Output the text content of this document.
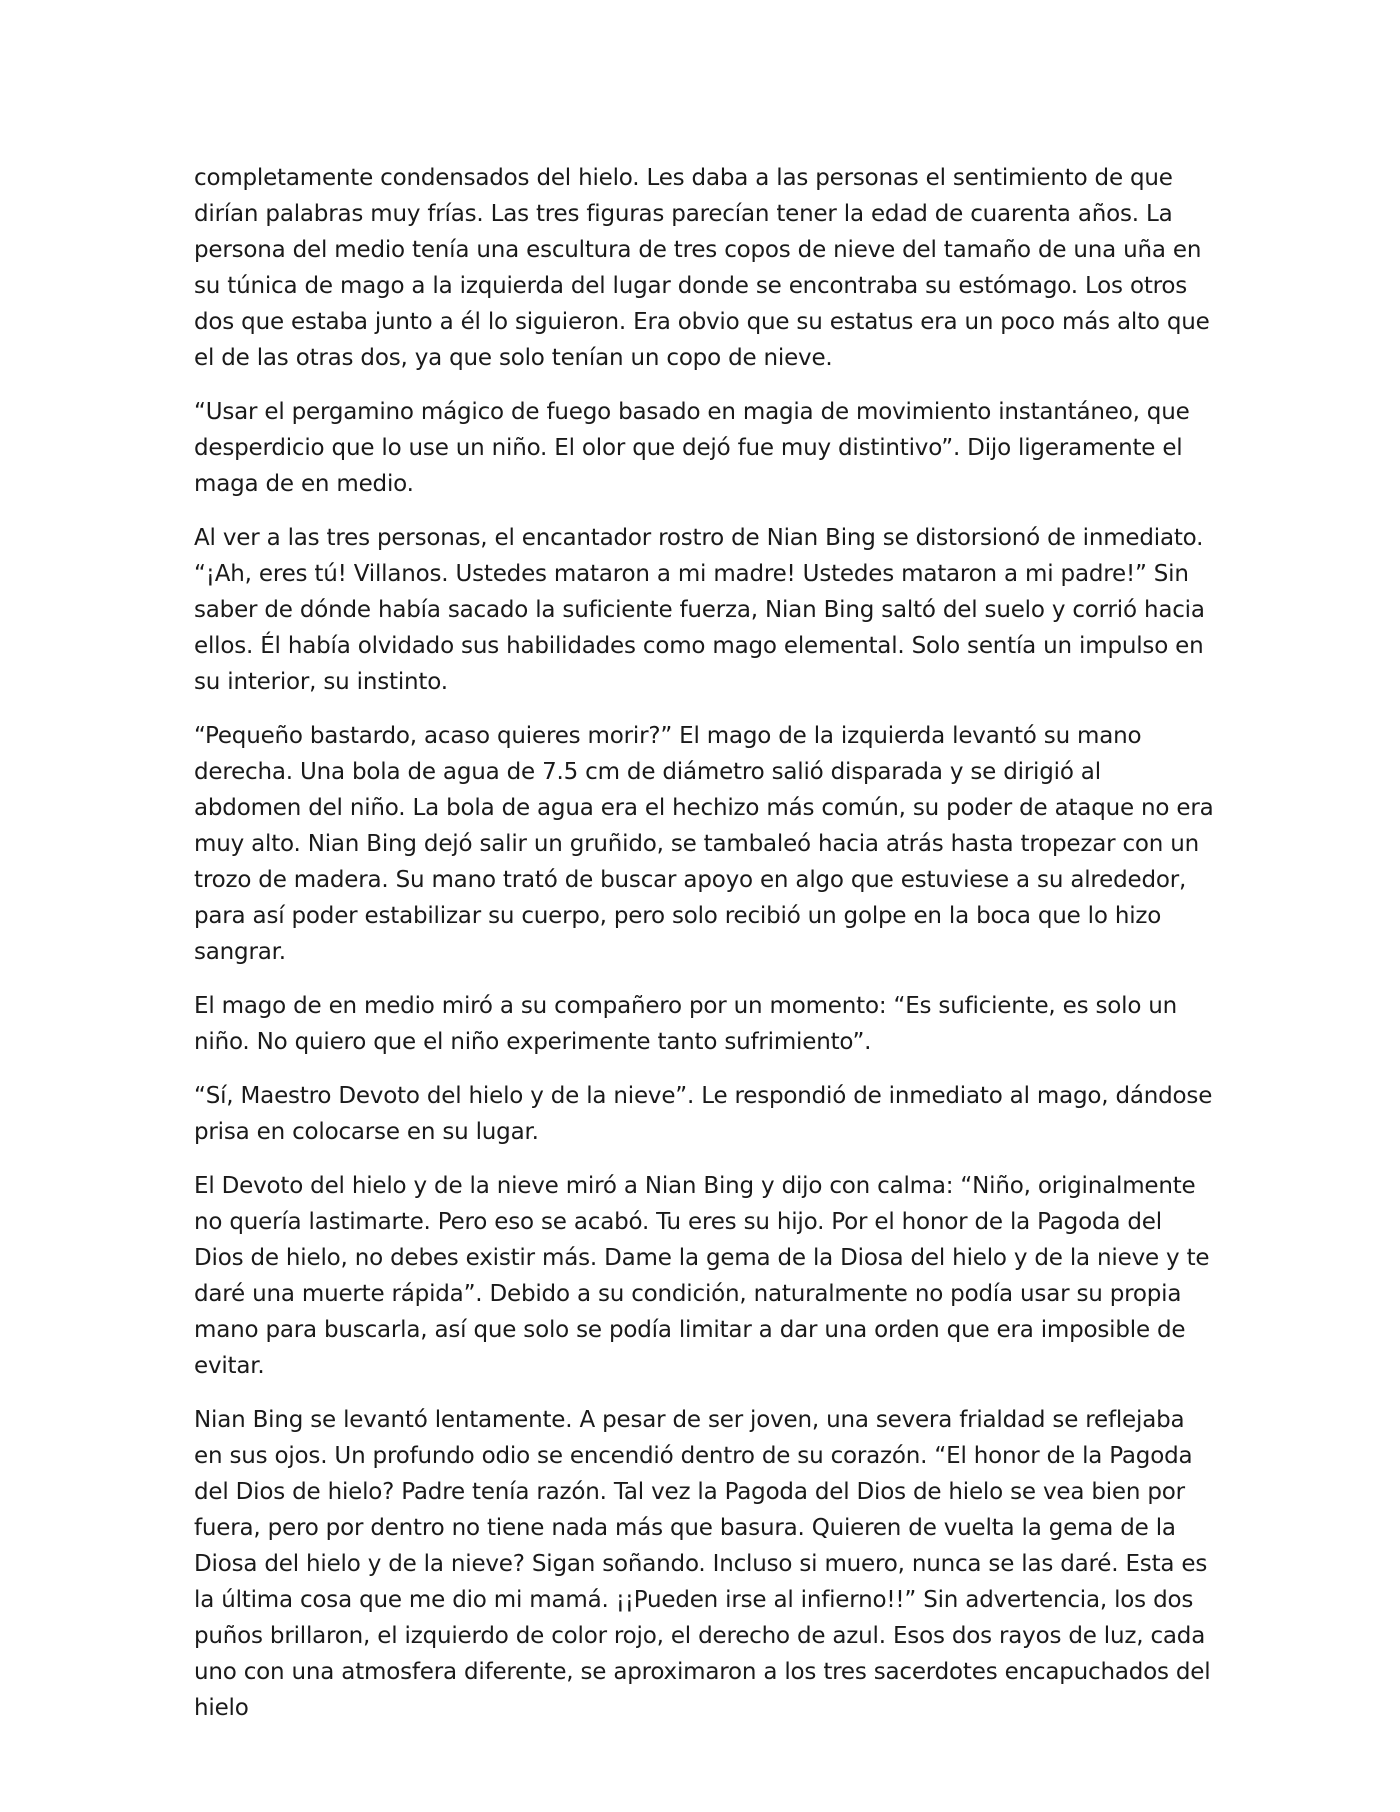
completamente condensados del hielo. Les daba a las personas el sentimiento de que dirían palabras muy frías. Las tres figuras parecían tener la edad de cuarenta años. La persona del medio tenía una escultura de tres copos de nieve del tamaño de una uña en su túnica de mago a la izquierda del lugar donde se encontraba su estómago. Los otros dos que estaba junto a él lo siguieron. Era obvio que su estatus era un poco más alto que el de las otras dos, ya que solo tenían un copo de nieve.

“Usar el pergamino mágico de fuego basado en magia de movimiento instantáneo, que desperdicio que lo use un niño. El olor que dejó fue muy distintivo”. Dijo ligeramente el maga de en medio.

Al ver a las tres personas, el encantador rostro de Nian Bing se distorsionó de inmediato. “¡Ah, eres tú! Villanos. Ustedes mataron a mi madre! Ustedes mataron a mi padre!” Sin saber de dónde había sacado la suficiente fuerza, Nian Bing saltó del suelo y corrió hacia ellos. Él había olvidado sus habilidades como mago elemental. Solo sentía un impulso en su interior, su instinto.

“Pequeño bastardo, acaso quieres morir?” El mago de la izquierda levantó su mano derecha. Una bola de agua de 7.5 cm de diámetro salió disparada y se dirigió al abdomen del niño. La bola de agua era el hechizo más común, su poder de ataque no era muy alto. Nian Bing dejó salir un gruñido, se tambaleó hacia atrás hasta tropezar con un trozo de madera. Su mano trató de buscar apoyo en algo que estuviese a su alrededor, para así poder estabilizar su cuerpo, pero solo recibió un golpe en la boca que lo hizo sangrar.

El mago de en medio miró a su compañero por un momento: “Es suficiente, es solo un niño. No quiero que el niño experimente tanto sufrimiento”.

“Sí, Maestro Devoto del hielo y de la nieve”. Le respondió de inmediato al mago, dándose prisa en colocarse en su lugar.

El Devoto del hielo y de la nieve miró a Nian Bing y dijo con calma: “Niño, originalmente no quería lastimarte. Pero eso se acabó. Tu eres su hijo. Por el honor de la Pagoda del Dios de hielo, no debes existir más. Dame la gema de la Diosa del hielo y de la nieve y te daré una muerte rápida”. Debido a su condición, naturalmente no podía usar su propia mano para buscarla, así que solo se podía limitar a dar una orden que era imposible de evitar.

Nian Bing se levantó lentamente. A pesar de ser joven, una severa frialdad se reflejaba en sus ojos. Un profundo odio se encendió dentro de su corazón. “El honor de la Pagoda del Dios de hielo? Padre tenía razón. Tal vez la Pagoda del Dios de hielo se vea bien por fuera, pero por dentro no tiene nada más que basura. Quieren de vuelta la gema de la Diosa del hielo y de la nieve? Sigan soñando. Incluso si muero, nunca se las daré. Esta es la última cosa que me dio mi mamá. ¡¡Pueden irse al infierno!!” Sin advertencia, los dos puños brillaron, el izquierdo de color rojo, el derecho de azul. Esos dos rayos de luz, cada uno con una atmosfera diferente, se aproximaron a los tres sacerdotes encapuchados del hielo
